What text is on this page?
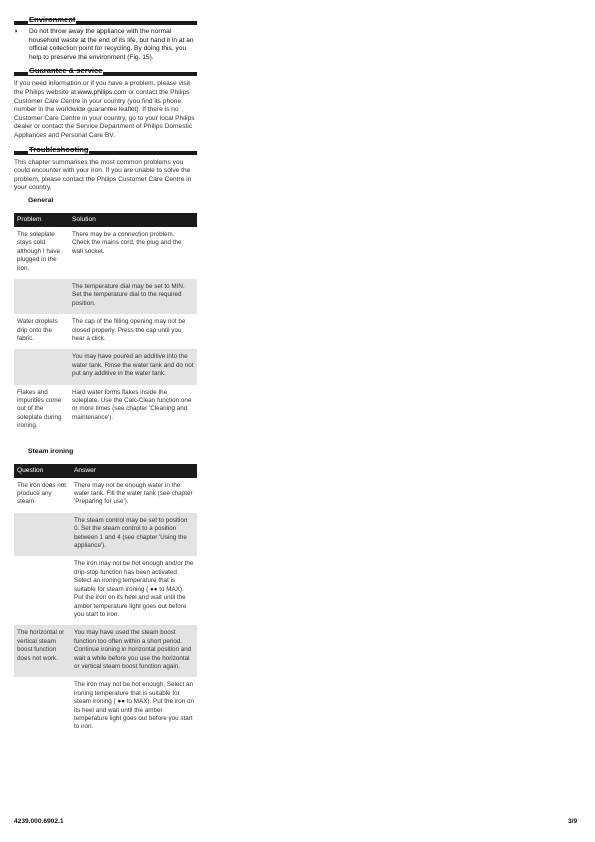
Environment
◗	Do not throw away the appliance with the normal household waste at the end of its life, but hand it in at an official collection point for recycling. By doing this, you help to preserve the environment (Fig. 15).
Guarantee & service
If you need information or if you have a problem, please visit the Philips website at www.philips.com or contact the Philips Customer Care Centre in your country (you find its phone number in the worldwide guarantee leaflet). If there is no Customer Care Centre in your country, go to your local Philips dealer or contact the Service Department of Philips Domestic Appliances and Personal Care BV.
Troubleshooting
This chapter summarises the most common problems you could encounter with your iron. If you are unable to solve the problem, please contact the Philips Customer Care Centre in your country.
General
Problem	Solution
The soleplate stays cold although I have plugged in the iron.	There may be a connection problem. Check the mains cord, the plug and the wall socket.
	The temperature dial may be set to MIN. Set the temperature dial to the required position.
Water droplets drip onto the fabric.	The cap of the filling opening may not be closed properly. Press the cap until you hear a click.
	You may have poured an additive into the water tank. Rinse the water tank and do not put any additive in the water tank.
Flakes and impurities come out of the soleplate during ironing.	Hard water forms flakes inside the soleplate. Use the Calc-Clean function one or more times (see chapter 'Cleaning and maintenance').
Steam ironing
Question	Answer
The iron does not produce any steam.	There may not be enough water in the water tank. Fill the water tank (see chapter 'Preparing for use').
	The steam control may be set to position 0. Set the steam control to a position between 1 and 4 (see chapter 'Using the appliance').
	The iron may not be hot enough and/or the drip-stop function has been activated. Select an ironing temperature that is suitable for steam ironing ( ●● to MAX). Put the iron on its heel and wait until the amber temperature light goes out before you start to iron.
The horizontal or vertical steam boost function does not work.	You may have used the steam boost function too often within a short period. Continue ironing in horizontal position and wait a while before you use the horizontal or vertical steam boost function again.
	The iron may not be hot enough. Select an ironing temperature that is suitable for steam ironing ( ●● to MAX). Put the iron on its heel and wait until the amber temperature light goes out before you start to iron.
4239.000.6902.1	3/9
